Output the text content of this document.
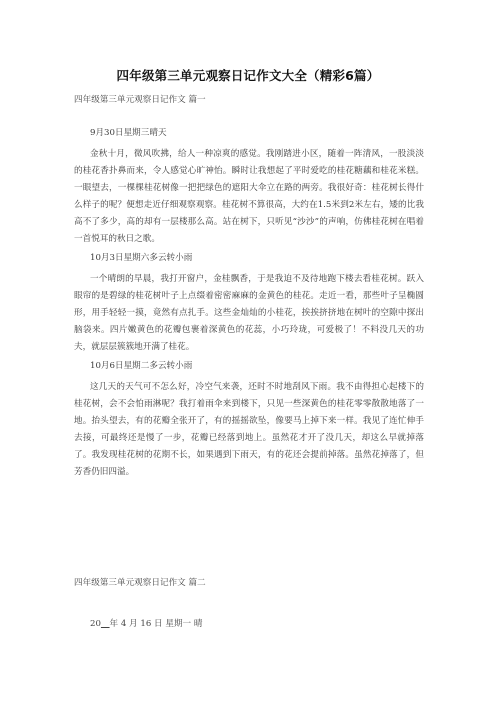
四年级第三单元观察日记作文大全（精彩6篇）
四年级第三单元观察日记作文 篇一
9月30日星期三晴天

金秋十月，微风吹拂，给人一种凉爽的感觉。我刚踏进小区，随着一阵清风，一股淡淡的桂花香扑鼻而来，令人感觉心旷神怡。瞬时让我想起了平时爱吃的桂花糖藕和桂花米糕。一眼望去，一棵棵桂花树像一把把绿色的遮阳大伞立在路的两旁。我很好奇：桂花树长得什么样子的呢？便想走近仔细观察观察。桂花树不算很高，大约在1.5米到2米左右，矮的比我高不了多少，高的却有一层楼那么高。站在树下，只听见“沙沙”的声响，仿佛桂花树在唱着一首悦耳的秋日之歌。

10月3日星期六多云转小雨

一个晴朗的早晨，我打开窗户，金桂飘香，于是我迫不及待地跑下楼去看桂花树。跃入眼帘的是碧绿的桂花树叶子上点缀着密密麻麻的金黄色的桂花。走近一看，那些叶子呈椭圆形，用手轻轻一摸，竟然有点扎手。这些金灿灿的小桂花，挨挨挤挤地在树叶的空隙中探出脑袋来。四片嫩黄色的花瓣包裹着深黄色的花蕊，小巧玲珑，可爱极了！不料没几天的功夫，就层层簇簇地开满了桂花。

10月6日星期二多云转小雨

这几天的天气可不怎么好，冷空气来袭，还时不时地刮风下雨。我不由得担心起楼下的桂花树，会不会怕雨淋呢？我打着雨伞来到楼下，只见一些深黄色的桂花零零散散地落了一地。抬头望去，有的花瓣全张开了，有的摇摇欲坠，像要马上掉下来一样。我见了连忙伸手去接，可最终还是慢了一步，花瓣已经落到地上。虽然花才开了没几天，却这么早就掉落了。我发现桂花树的花期不长，如果遇到下雨天，有的花还会提前掉落。虽然花掉落了，但芳香仍旧四溢。

四年级第三单元观察日记作文 篇二
20__年 4 月 16 日 星期一 晴
